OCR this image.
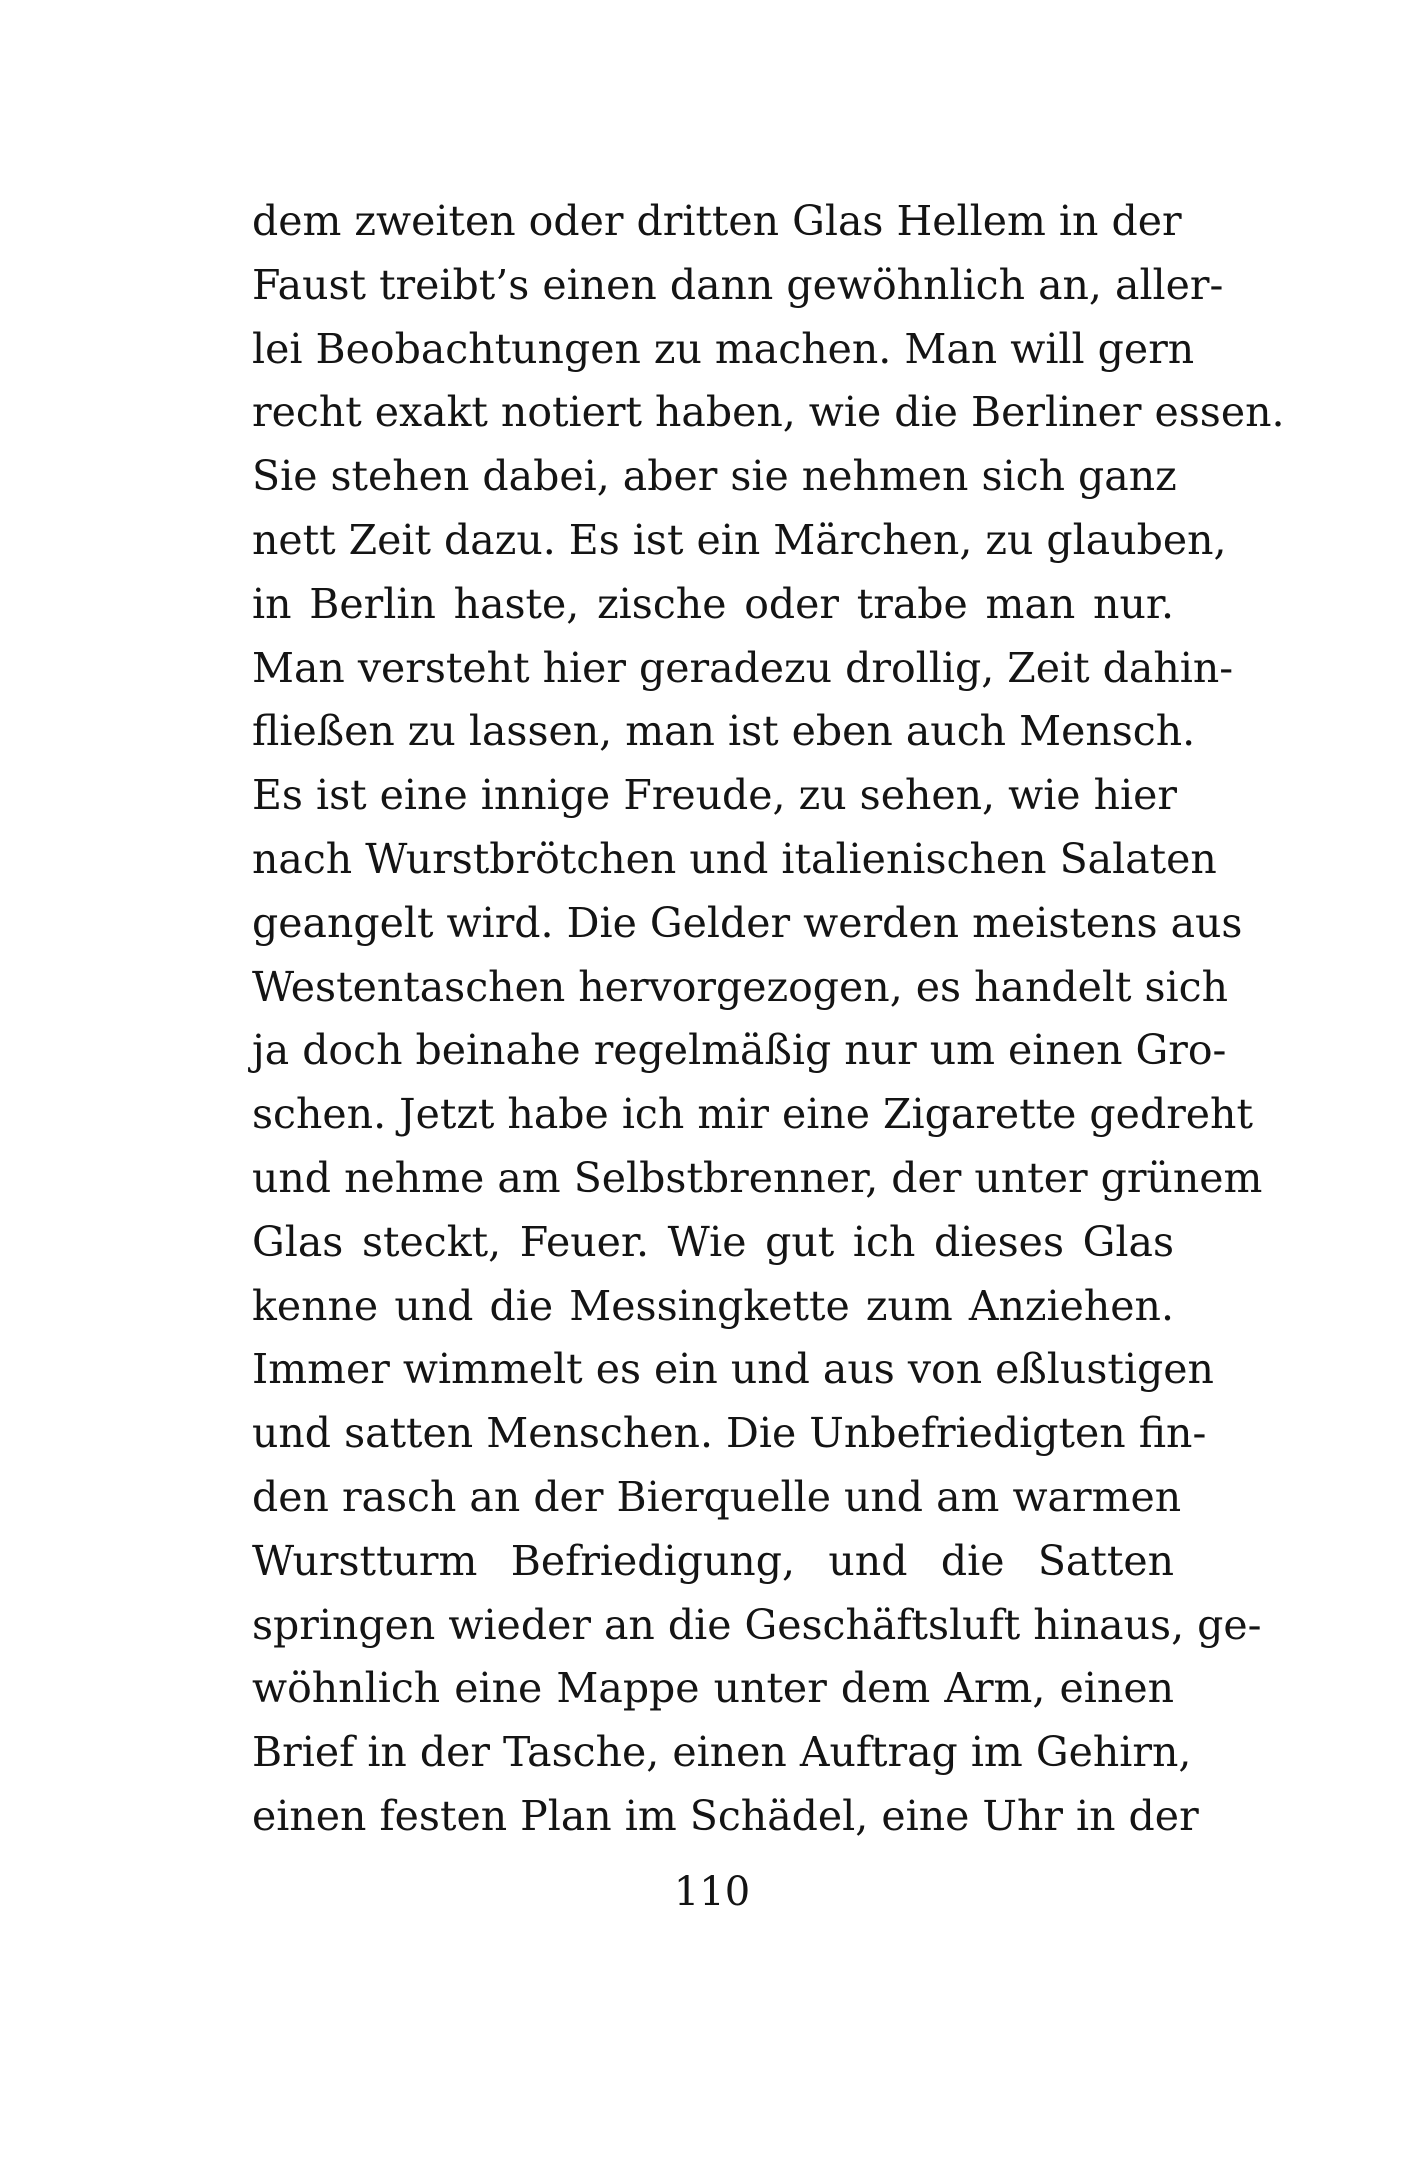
dem zweiten oder dritten Glas Hellem in der
Faust treibt’s einen dann gewöhnlich an, aller-
lei Beobachtungen zu machen. Man will gern
recht exakt notiert haben, wie die Berliner essen.
Sie stehen dabei, aber sie nehmen sich ganz
nett Zeit dazu. Es ist ein Märchen, zu glauben,
in Berlin haste, zische oder trabe man nur.
Man versteht hier geradezu drollig, Zeit dahin-
fließen zu lassen, man ist eben auch Mensch.
Es ist eine innige Freude, zu sehen, wie hier
nach Wurstbrötchen und italienischen Salaten
geangelt wird. Die Gelder werden meistens aus
Westentaschen hervorgezogen, es handelt sich
ja doch beinahe regelmäßig nur um einen Gro-
schen. Jetzt habe ich mir eine Zigarette gedreht
und nehme am Selbstbrenner, der unter grünem
Glas steckt, Feuer. Wie gut ich dieses Glas
kenne und die Messingkette zum Anziehen.
Immer wimmelt es ein und aus von eßlustigen
und satten Menschen. Die Unbefriedigten fin-
den rasch an der Bierquelle und am warmen
Wurstturm Befriedigung, und die Satten
springen wieder an die Geschäftsluft hinaus, ge-
wöhnlich eine Mappe unter dem Arm, einen
Brief in der Tasche, einen Auftrag im Gehirn,
einen festen Plan im Schädel, eine Uhr in der
110
